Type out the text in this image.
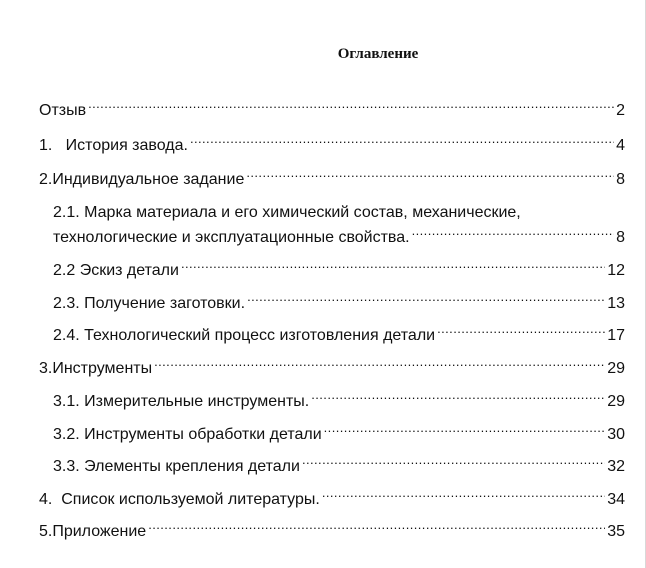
Оглавление
Отзыв . . .	2
1.   История завода. . . .	4
2.Индивидуальное задание . . .	8
2.1. Марка материала и его химический состав, механические,
технологические и эксплуатационные свойства. . . .	8
2.2 Эскиз детали . . .	12
2.3. Получение заготовки. . . .	13
2.4. Технологический процесс изготовления детали . . .	17
3.Инструменты . . .	29
3.1. Измерительные инструменты. . . .	29
3.2. Инструменты обработки детали . . .	30
3.3. Элементы крепления детали . . .	32
4.  Список используемой литературы. . . .	34
5.Приложение . . .	35
